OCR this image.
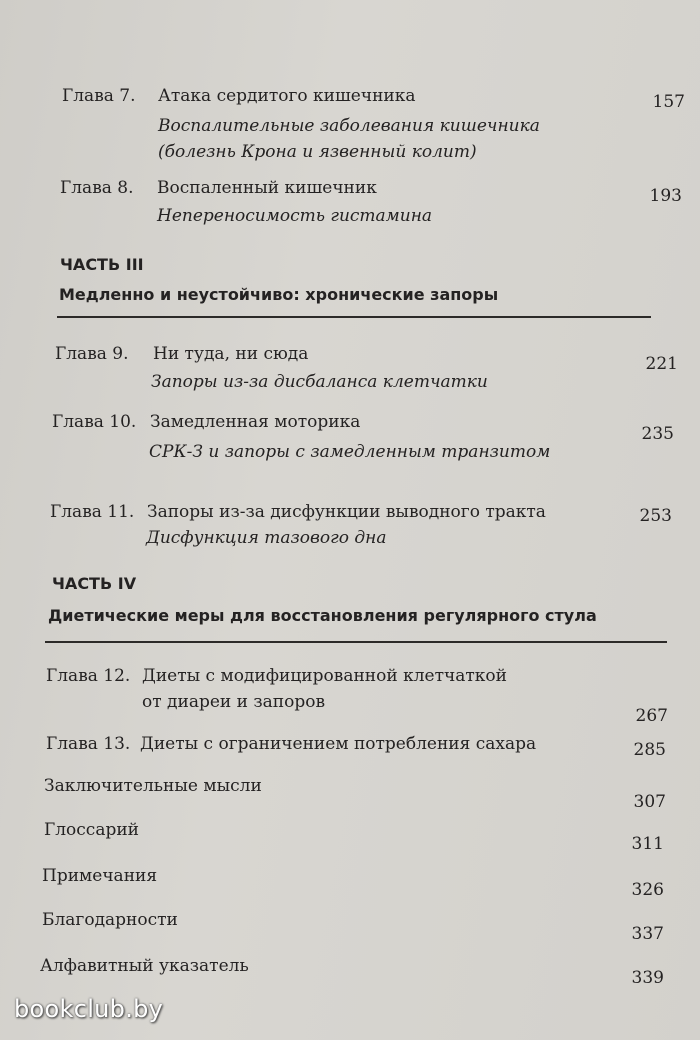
Глава 7. Атака сердитого кишечника
Воспалительные заболевания кишечника
(болезнь Крона и язвенный колит)
157
Глава 8. Воспаленный кишечник
Непереносимость гистамина
193
ЧАСТЬ III
Медленно и неустойчиво: хронические запоры
Глава 9. Ни туда, ни сюда
Запоры из-за дисбаланса клетчатки
221
Глава 10. Замедленная моторика
СРК-З и запоры с замедленным транзитом
235
Глава 11. Запоры из-за дисфункции выводного тракта
Дисфункция тазового дна
253
ЧАСТЬ IV
Диетические меры для восстановления регулярного стула
Глава 12. Диеты с модифицированной клетчаткой
от диареи и запоров
267
Глава 13. Диеты с ограничением потребления сахара	285
Заключительные мысли
307
Глоссарий
311
Примечания
326
Благодарности
337
Алфавитный указатель
339
bookclub.by
